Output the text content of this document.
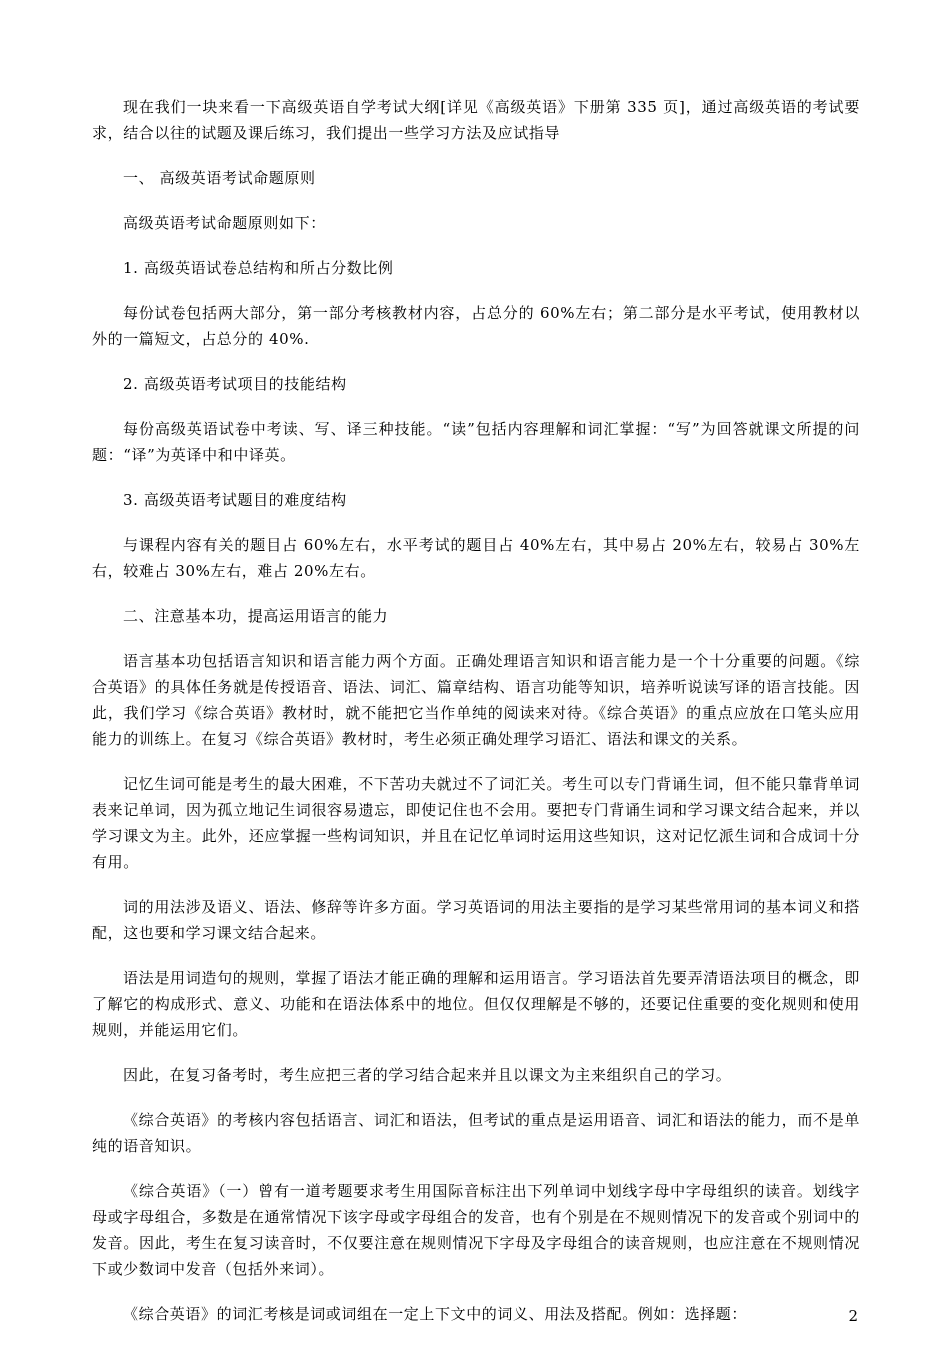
现在我们一块来看一下高级英语自学考试大纲[详见《高级英语》下册第 335 页]，通过高级英语的考试要求，结合以往的试题及课后练习，我们提出一些学习方法及应试指导

一、 高级英语考试命题原则

高级英语考试命题原则如下：

1. 高级英语试卷总结构和所占分数比例

每份试卷包括两大部分，第一部分考核教材内容，占总分的 60%左右；第二部分是水平考试，使用教材以外的一篇短文，占总分的 40%.

2. 高级英语考试项目的技能结构

每份高级英语试卷中考读、写、译三种技能。“读”包括内容理解和词汇掌握：“写”为回答就课文所提的问题：“译”为英译中和中译英。

3. 高级英语考试题目的难度结构

与课程内容有关的题目占 60%左右，水平考试的题目占 40%左右，其中易占 20%左右，较易占 30%左右，较难占 30%左右，难占 20%左右。

二、注意基本功，提高运用语言的能力

语言基本功包括语言知识和语言能力两个方面。正确处理语言知识和语言能力是一个十分重要的问题。《综合英语》的具体任务就是传授语音、语法、词汇、篇章结构、语言功能等知识，培养听说读写译的语言技能。因此，我们学习《综合英语》教材时，就不能把它当作单纯的阅读来对待。《综合英语》的重点应放在口笔头应用能力的训练上。在复习《综合英语》教材时，考生必须正确处理学习语汇、语法和课文的关系。

记忆生词可能是考生的最大困难，不下苦功夫就过不了词汇关。考生可以专门背诵生词，但不能只靠背单词表来记单词，因为孤立地记生词很容易遗忘，即使记住也不会用。要把专门背诵生词和学习课文结合起来，并以学习课文为主。此外，还应掌握一些构词知识，并且在记忆单词时运用这些知识，这对记忆派生词和合成词十分有用。

词的用法涉及语义、语法、修辞等许多方面。学习英语词的用法主要指的是学习某些常用词的基本词义和搭配，这也要和学习课文结合起来。

语法是用词造句的规则，掌握了语法才能正确的理解和运用语言。学习语法首先要弄清语法项目的概念，即了解它的构成形式、意义、功能和在语法体系中的地位。但仅仅理解是不够的，还要记住重要的变化规则和使用规则，并能运用它们。

因此，在复习备考时，考生应把三者的学习结合起来并且以课文为主来组织自己的学习。

《综合英语》的考核内容包括语言、词汇和语法，但考试的重点是运用语音、词汇和语法的能力，而不是单纯的语音知识。

《综合英语》（一）曾有一道考题要求考生用国际音标注出下列单词中划线字母中字母组织的读音。划线字母或字母组合，多数是在通常情况下该字母或字母组合的发音，也有个别是在不规则情况下的发音或个别词中的发音。因此，考生在复习读音时，不仅要注意在规则情况下字母及字母组合的读音规则，也应注意在不规则情况下或少数词中发音（包括外来词）。

《综合英语》的词汇考核是词或词组在一定上下文中的词义、用法及搭配。例如：选择题：	2
